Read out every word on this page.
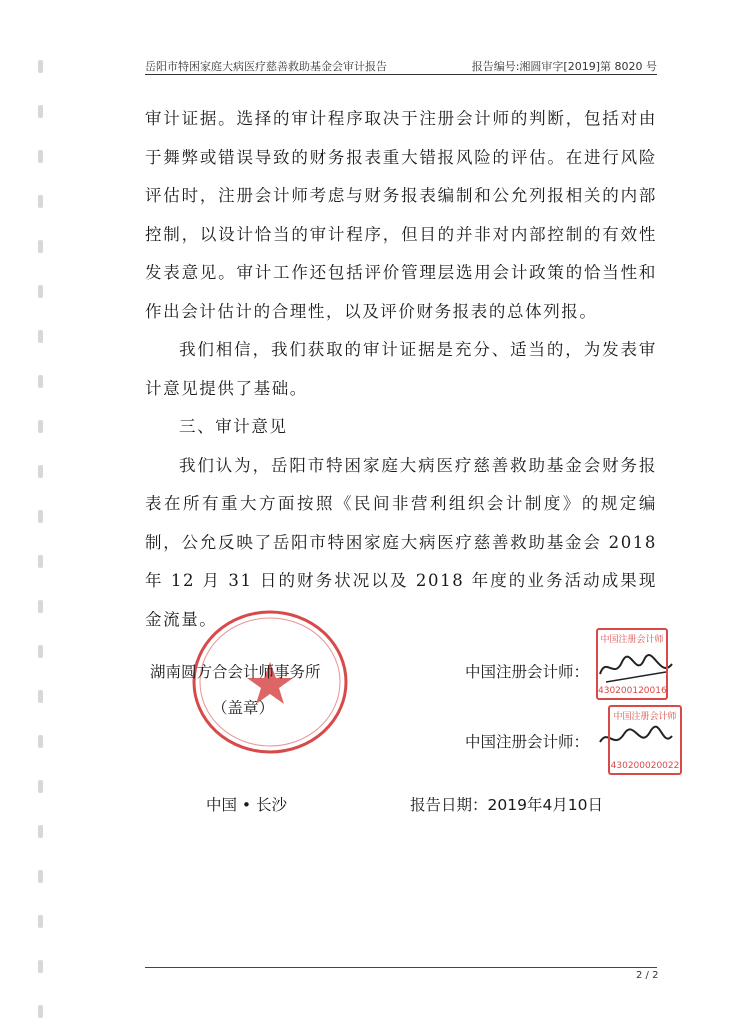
岳阳市特困家庭大病医疗慈善救助基金会审计报告	报告编号:湘圆审字[2019]第 8020 号

审计证据。选择的审计程序取决于注册会计师的判断，包括对由于舞弊或错误导致的财务报表重大错报风险的评估。在进行风险评估时，注册会计师考虑与财务报表编制和公允列报相关的内部控制，以设计恰当的审计程序，但目的并非对内部控制的有效性发表意见。审计工作还包括评价管理层选用会计政策的恰当性和作出会计估计的合理性，以及评价财务报表的总体列报。

我们相信，我们获取的审计证据是充分、适当的，为发表审计意见提供了基础。

三、审计意见

我们认为，岳阳市特困家庭大病医疗慈善救助基金会财务报表在所有重大方面按照《民间非营利组织会计制度》的规定编制，公允反映了岳阳市特困家庭大病医疗慈善救助基金会 2018 年 12 月 31 日的财务状况以及 2018 年度的业务活动成果现金流量。

湖南圆方合会计师事务所
（盖章）
中国注册会计师：
中国注册会计师：
中国注册会计师
430200120016
中国注册会计师
430200020022
中国 • 长沙	报告日期：2019年4月10日
2 / 2
